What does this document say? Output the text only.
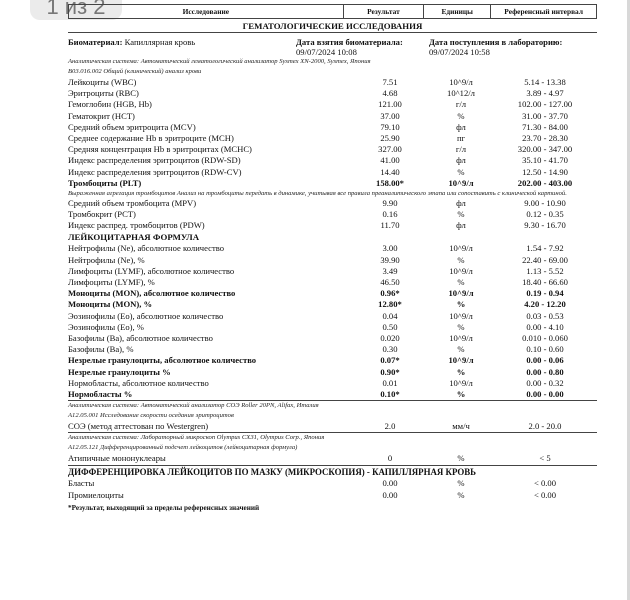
1 из 2	Исследование	Результат	Единицы	Референсный интервал
ГЕМАТОЛОГИЧЕСКИЕ ИССЛЕДОВАНИЯ
Биоматериал: Капиллярная кровь	Дата взятия биоматериала:
09/07/2024 10:08
Дата поступления в лабораторию:
09/07/2024 10:58
Аналитическая система: Автоматический гематологический анализатор Sysmex XN-2000, Sysmex, Япония
B03.016.002 Общий (клинический) анализ крови
Лейкоциты (WBC)	7.51	10^9/л	5.14 - 13.38
Эритроциты (RBC)	4.68	10^12/л	3.89 - 4.97
Гемоглобин (HGB, Hb)	121.00	г/л	102.00 - 127.00
Гематокрит (HCT)	37.00	%	31.00 - 37.70
Средний объем эритроцита (MCV)	79.10	фл	71.30 - 84.00
Среднее содержание Hb в эритроците (MCH)	25.90	пг	23.70 - 28.30
Средняя концентрация Hb в эритроцитах (MCHC)	327.00	г/л	320.00 - 347.00
Индекс распределения эритроцитов (RDW-SD)	41.00	фл	35.10 - 41.70
Индекс распределения эритроцитов (RDW-CV)	14.40	%	12.50 - 14.90
Тромбоциты (PLT)	158.00*	10^9/л	202.00 - 403.00
Выраженная агрегация тромбоцитов Анализ на тромбоциты передать в динамике, учитывая все правила преаналитического этапа или сопоставить с клинической картиной.
Средний объем тромбоцита (MPV)	9.90	фл	9.00 - 10.90
Тромбокрит (PCT)	0.16	%	0.12 - 0.35
Индекс распред. тромбоцитов (PDW)	11.70	фл	9.30 - 16.70
ЛЕЙКОЦИТАРНАЯ ФОРМУЛА
Нейтрофилы (Ne), абсолютное количество	3.00	10^9/л	1.54 - 7.92
Нейтрофилы (Ne), %	39.90	%	22.40 - 69.00
Лимфоциты (LYMF), абсолютное количество	3.49	10^9/л	1.13 - 5.52
Лимфоциты (LYMF), %	46.50	%	18.40 - 66.60
Моноциты (MON), абсолютное количество	0.96*	10^9/л	0.19 - 0.94
Моноциты (MON), %	12.80*	%	4.20 - 12.20
Эозинофилы (Eo), абсолютное количество	0.04	10^9/л	0.03 - 0.53
Эозинофилы (Eo), %	0.50	%	0.00 - 4.10
Базофилы (Ba), абсолютное количество	0.020	10^9/л	0.010 - 0.060
Базофилы (Ba), %	0.30	%	0.10 - 0.60
Незрелые гранулоциты, абсолютное количество	0.07*	10^9/л	0.00 - 0.06
Незрелые гранулоциты %	0.90*	%	0.00 - 0.80
Нормобласты, абсолютное количество	0.01	10^9/л	0.00 - 0.32
Нормобласты %	0.10*	%	0.00 - 0.00
Аналитическая система: Автоматический анализатор СОЭ Roller 20PN, Alifax, Италия
A12.05.001 Исследование скорости оседания эритроцитов
СОЭ (метод аттестован по Westergren)	2.0	мм/ч	2.0 - 20.0
Аналитическая система: Лабораторный микроскоп Olympus CX31, Olympus Corp., Япония
A12.05.121 Дифференцированный подсчет лейкоцитов (лейкоцитарная формула)
Атипичные мононуклеары	0	%	< 5
ДИФФЕРЕНЦИРОВКА ЛЕЙКОЦИТОВ ПО МАЗКУ (МИКРОСКОПИЯ) - КАПИЛЛЯРНАЯ КРОВЬ
Бласты	0.00	%	< 0.00
Промиелоциты	0.00	%	< 0.00
*Результат, выходящий за пределы референсных значений
